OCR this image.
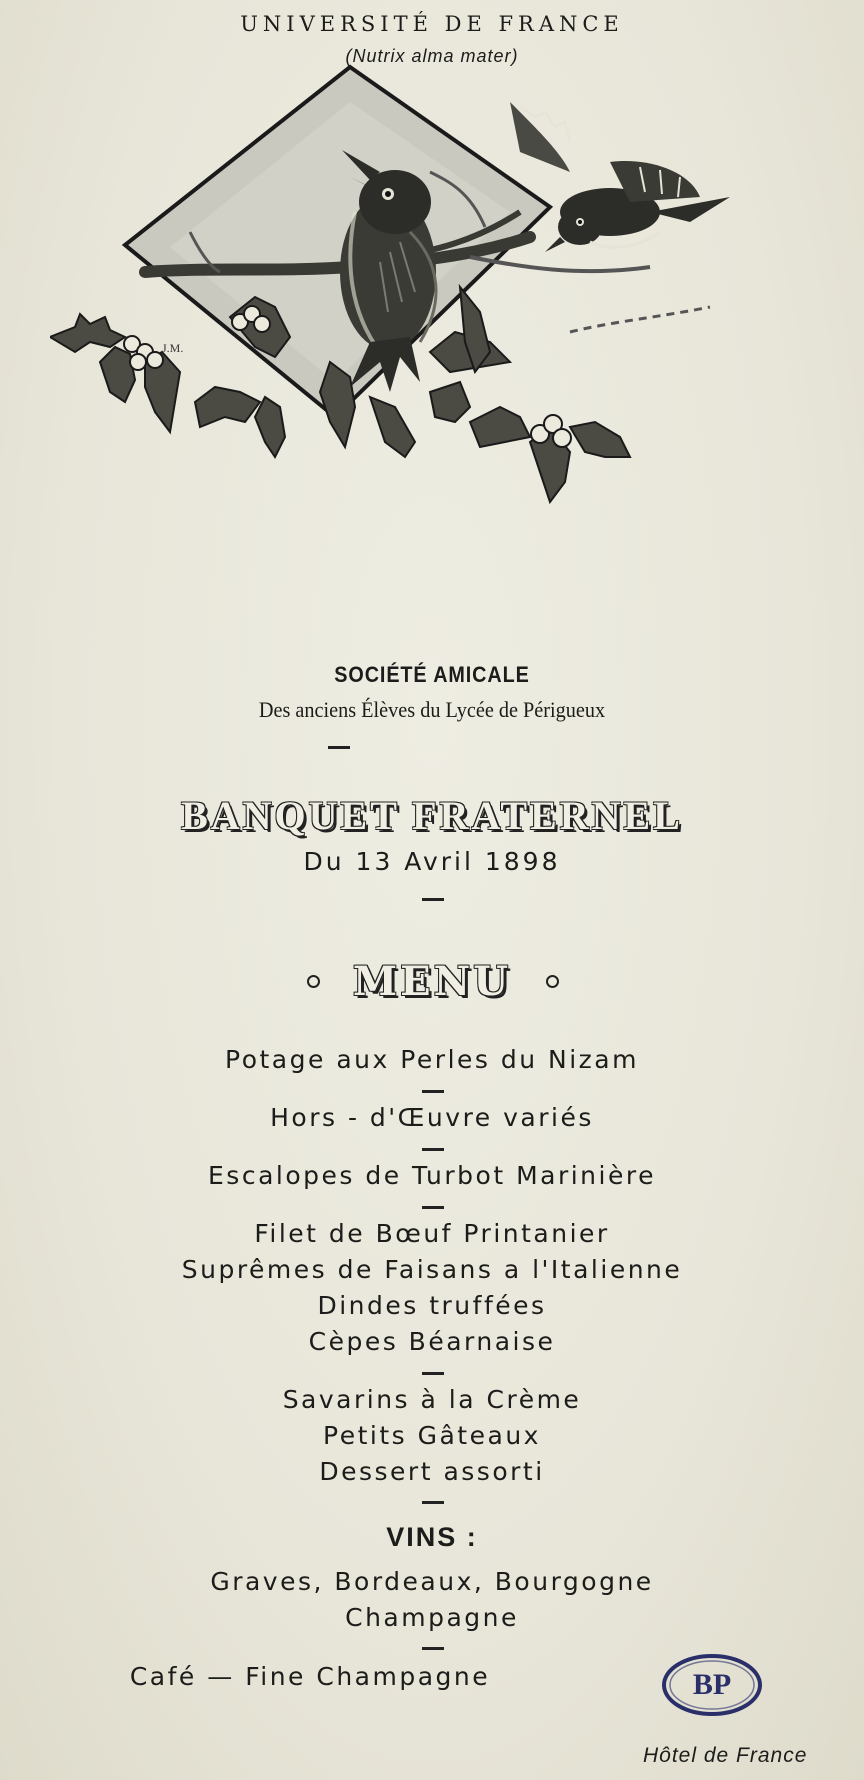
UNIVERSITÉ DE FRANCE
(Nutrix alma mater)
J.M.
SOCIÉTÉ AMICALE
Des anciens Élèves du Lycée de Périgueux
BANQUET FRATERNEL
Du 13 Avril 1898
MENU
Potage aux Perles du Nizam
Hors - d'Œuvre variés
Escalopes de Turbot Marinière
Filet de Bœuf Printanier
Suprêmes de Faisans a l'Italienne
Dindes truffées
Cèpes Béarnaise
Savarins à la Crème
Petits Gâteaux
Dessert assorti
VINS :
Graves, Bordeaux, Bourgogne
Champagne
Café — Fine Champagne	BP
Hôtel de France
